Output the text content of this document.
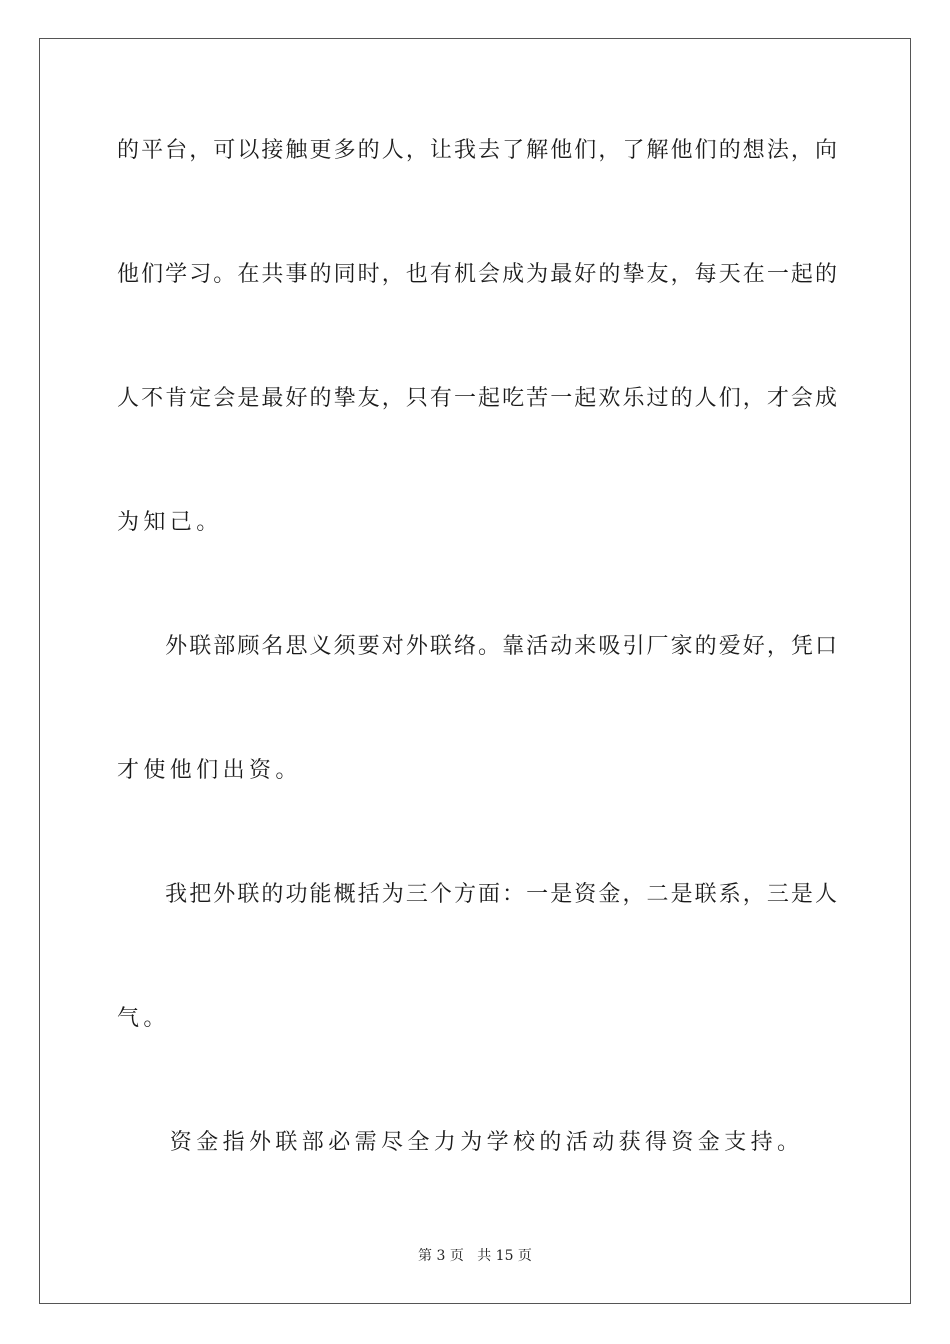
的平台，可以接触更多的人，让我去了解他们，了解他们的想法，向
他们学习。在共事的同时，也有机会成为最好的挚友，每天在一起的
人不肯定会是最好的挚友，只有一起吃苦一起欢乐过的人们，才会成
为知己。
　　外联部顾名思义须要对外联络。靠活动来吸引厂家的爱好，凭口
才使他们出资。
　　我把外联的功能概括为三个方面：一是资金，二是联系，三是人
气。
　　资金指外联部必需尽全力为学校的活动获得资金支持。
第 3 页 共 15 页
